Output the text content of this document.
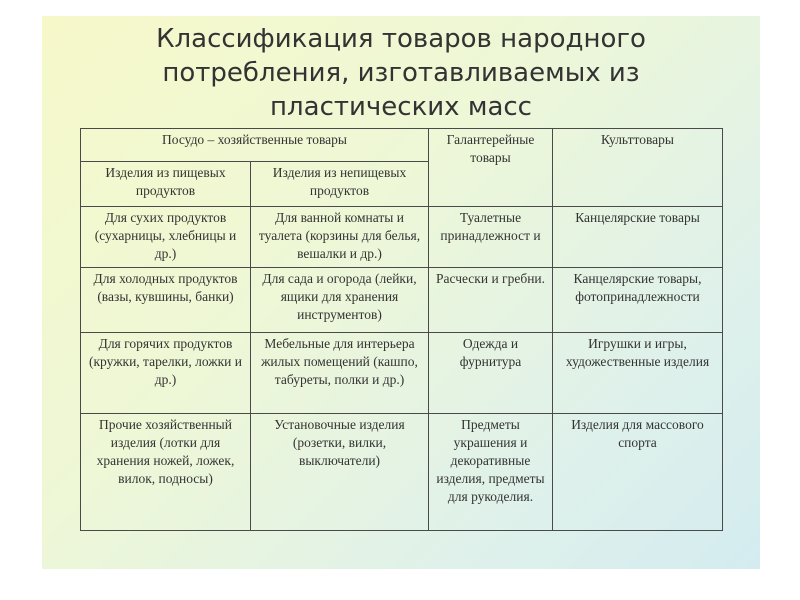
Классификация товаров народного
потребления, изготавливаемых из
пластических масс
Посудо – хозяйственные товары		Галантерейные товары	Культтовары
Изделия из пищевых продуктов	Изделия из непищевых продуктов		
Для сухих продуктов (сухарницы, хлебницы и др.)	Для ванной комнаты и туалета (корзины для белья, вешалки и др.)	Туалетные принадлежност и	Канцелярские товары
Для холодных продуктов (вазы, кувшины, банки)	Для сада и огорода (лейки, ящики для хранения инструментов)	Расчески и гребни.	Канцелярские товары, фотопринадлежности
Для горячих продуктов (кружки, тарелки, ложки и др.)	Мебельные для интерьера жилых помещений (кашпо, табуреты, полки и др.)	Одежда и фурнитура	Игрушки и игры, художественные изделия
Прочие хозяйственный изделия (лотки для хранения ножей, ложек, вилок, подносы)	Установочные изделия (розетки, вилки, выключатели)	Предметы украшения и декоративные изделия, предметы для рукоделия.	Изделия для массового спорта
